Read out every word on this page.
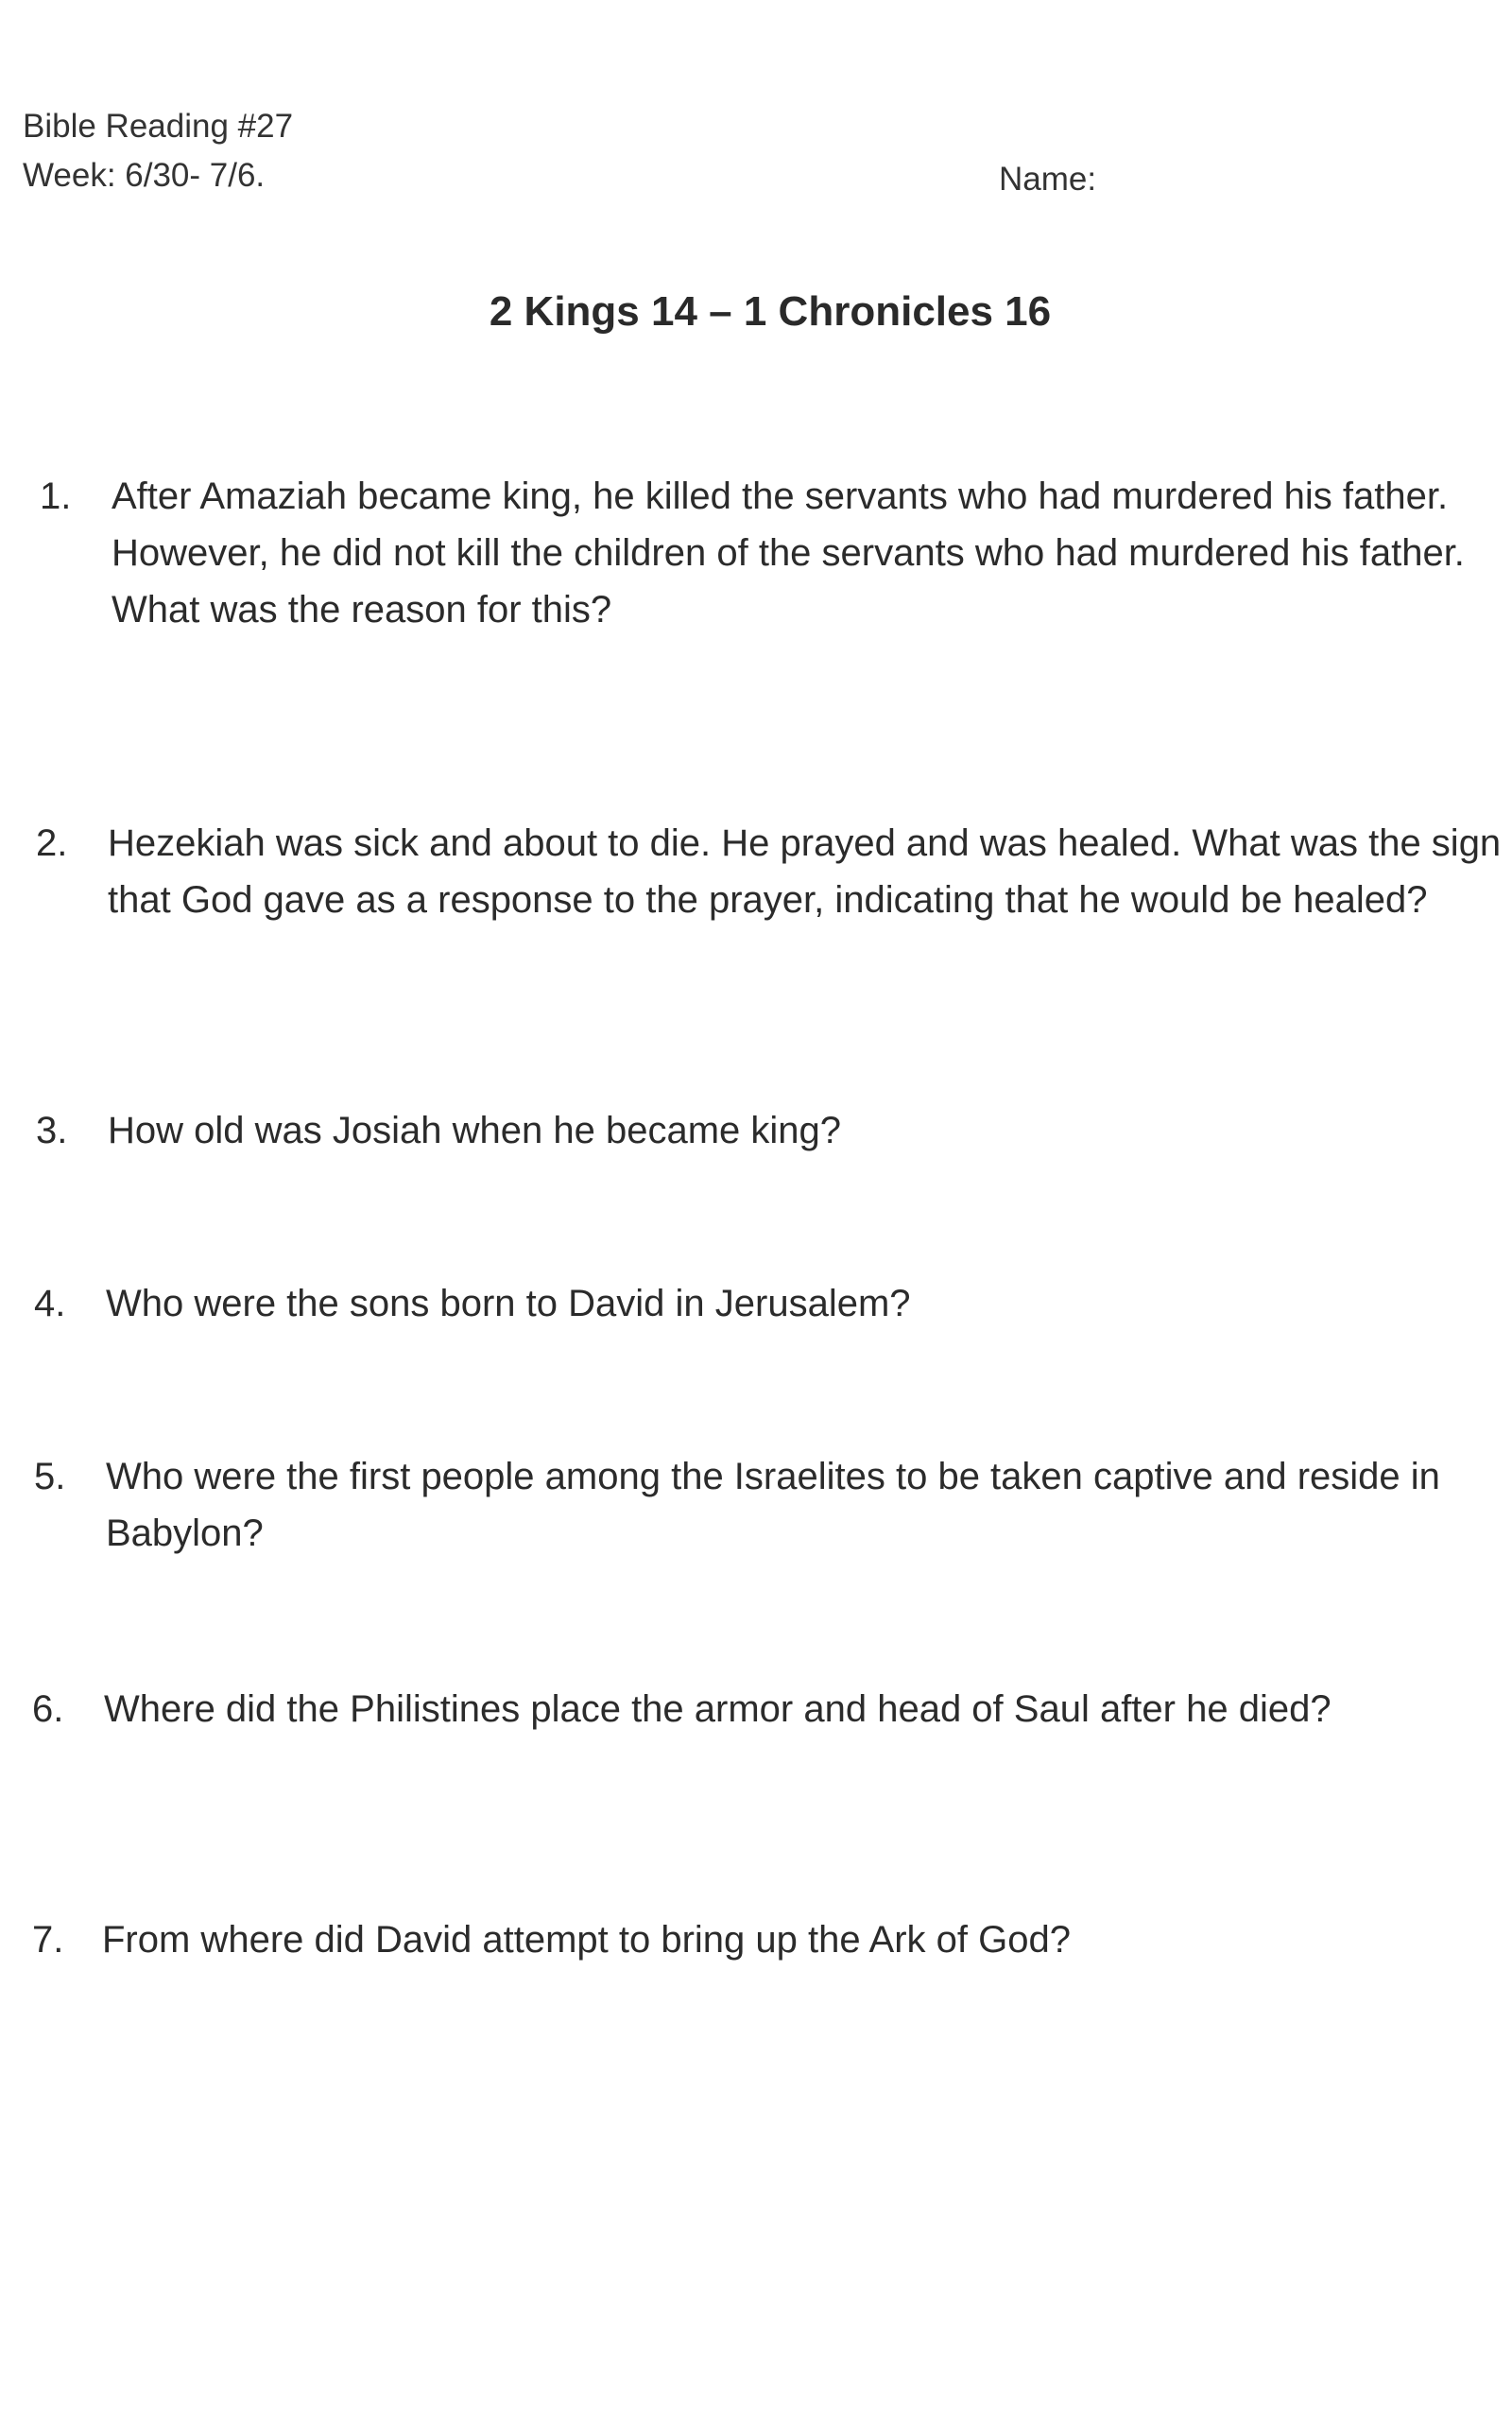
Bible Reading #27
Week: 6/30- 7/6.	Name:
2 Kings 14 – 1 Chronicles 16
1. After Amaziah became king, he killed the servants who had murdered his father. However, he did not kill the children of the servants who had murdered his father. What was the reason for this?
2. Hezekiah was sick and about to die. He prayed and was healed. What was the sign that God gave as a response to the prayer, indicating that he would be healed?
3. How old was Josiah when he became king?
4. Who were the sons born to David in Jerusalem?
5. Who were the first people among the Israelites to be taken captive and reside in Babylon?
6. Where did the Philistines place the armor and head of Saul after he died?
7. From where did David attempt to bring up the Ark of God?
